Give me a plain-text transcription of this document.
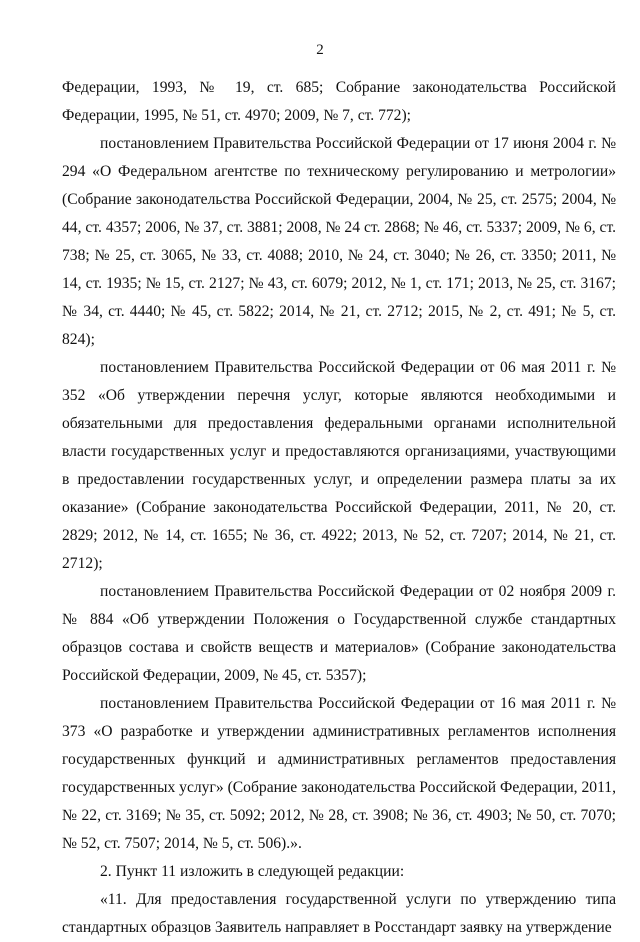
2

Федерации, 1993, № 19, ст. 685; Собрание законодательства Российской Федерации, 1995, № 51, ст. 4970; 2009, № 7, ст. 772);

постановлением Правительства Российской Федерации от 17 июня 2004 г. № 294 «О Федеральном агентстве по техническому регулированию и метрологии» (Собрание законодательства Российской Федерации, 2004, № 25, ст. 2575; 2004, № 44, ст. 4357; 2006, № 37, ст. 3881; 2008, № 24 ст. 2868; № 46, ст. 5337; 2009, № 6, ст. 738; № 25, ст. 3065, № 33, ст. 4088; 2010, № 24, ст. 3040; № 26, ст. 3350; 2011, № 14, ст. 1935; № 15, ст. 2127; № 43, ст. 6079; 2012, № 1, ст. 171; 2013, № 25, ст. 3167; № 34, ст. 4440; № 45, ст. 5822; 2014, № 21, ст. 2712; 2015, № 2, ст. 491; № 5, ст. 824);

постановлением Правительства Российской Федерации от 06 мая 2011 г. № 352 «Об утверждении перечня услуг, которые являются необходимыми и обязательными для предоставления федеральными органами исполнительной власти государственных услуг и предоставляются организациями, участвующими в предоставлении государственных услуг, и определении размера платы за их оказание» (Собрание законодательства Российской Федерации, 2011, № 20, ст. 2829; 2012, № 14, ст. 1655; № 36, ст. 4922; 2013, № 52, ст. 7207; 2014, № 21, ст. 2712);

постановлением Правительства Российской Федерации от 02 ноября 2009 г. № 884 «Об утверждении Положения о Государственной службе стандартных образцов состава и свойств веществ и материалов» (Собрание законодательства Российской Федерации, 2009, № 45, ст. 5357);

постановлением Правительства Российской Федерации от 16 мая 2011 г. № 373 «О разработке и утверждении административных регламентов исполнения государственных функций и административных регламентов предоставления государственных услуг» (Собрание законодательства Российской Федерации, 2011, № 22, ст. 3169; № 35, ст. 5092; 2012, № 28, ст. 3908; № 36, ст. 4903; № 50, ст. 7070; № 52, ст. 7507; 2014, № 5, ст. 506).».

2. Пункт 11 изложить в следующей редакции:

«11. Для предоставления государственной услуги по утверждению типа стандартных образцов Заявитель направляет в Росстандарт заявку на утверждение
